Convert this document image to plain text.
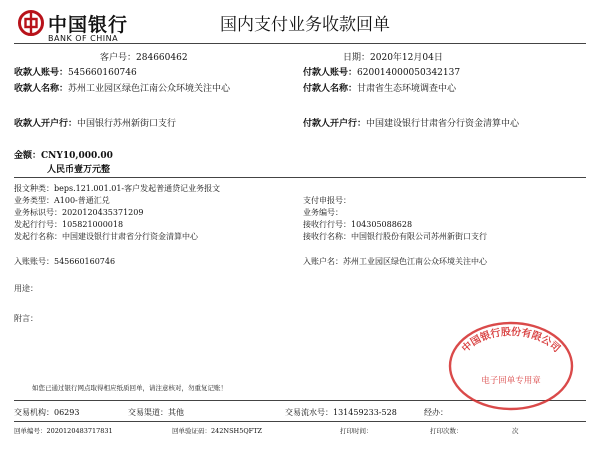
中国银行
BANK OF CHINA
国内支付业务收款回单
客户号：284660462	日期：2020年12月04日
收款人账号：545660160746
收款人名称：苏州工业园区绿色江南公众环境关注中心
收款人开户行：中国银行苏州新街口支行
付款人账号：620014000050342137
付款人名称：甘肃省生态环境调查中心
付款人开户行：中国建设银行甘肃省分行资金清算中心
金额：CNY10,000.00
人民币壹万元整
报文种类：beps.121.001.01-客户发起普通贷记业务报文
业务类型：A100-普通汇兑
业务标识号：2020120435371209
发起行行号：105821000018
发起行名称：中国建设银行甘肃省分行资金清算中心
支付申报号：
业务编号：
接收行行号：104305088628
接收行名称：中国银行股份有限公司苏州新街口支行
入账账号：545660160746	入账户名：苏州工业园区绿色江南公众环境关注中心
用途：
附言：
如您已通过银行网点取得相应纸质回单，请注意核对，勿重复记账！
交易机构：06293	交易渠道：其他	交易流水号：131459233-528	经办：
回单编号：2020120483717831	回单验证码：242NSH5QFTZ	打印时间：	打印次数：	次
中国银行股份有限公司
电子回单专用章
